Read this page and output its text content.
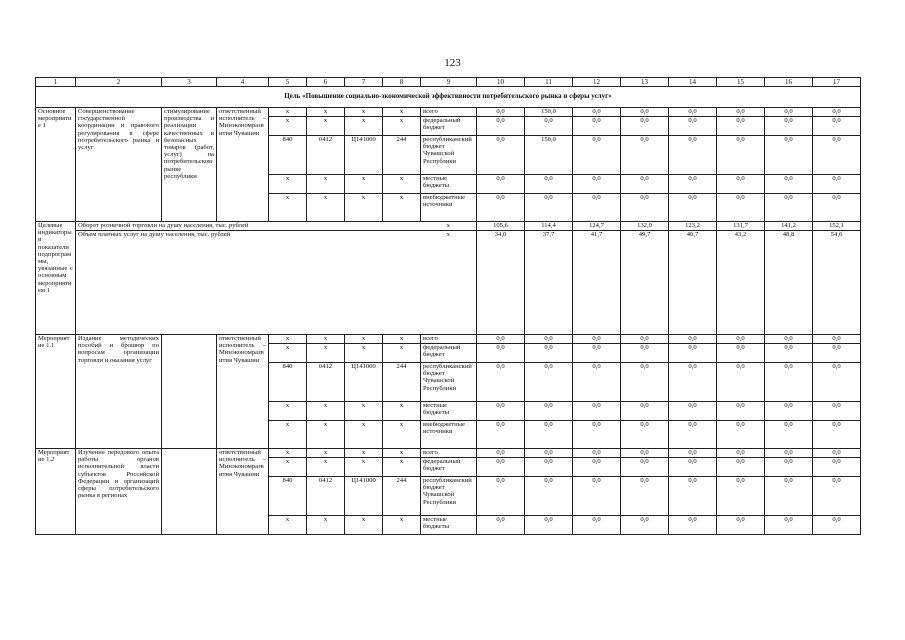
123
1	2	3	4	5	6	7	8	9	10	11	12	13	14	15	16	17
Цель «Повышение социально-экономической эффективности потребительского рынка и сферы услуг»																
Основное мероприятие 1	Совершенствование государственной координации и правового регулирования в сфере потребительского рынка и услуг	стимулирование производства и реализации качественных и безопасных товаров (работ, услуг) на потребительском рынке республики	ответственный исполнитель – Минэкономразвития Чувашии	x	x	x	x	всего	0,0	150,0	0,0	0,0	0,0	0,0	0,0	0,0
				x	x	x	x	федеральный бюджет	0,0	0,0	0,0	0,0	0,0	0,0	0,0	0,0
				840	0412	Ц141000	244	республиканский бюджет Чувашской Республики	0,0	150,0	0,0	0,0	0,0	0,0	0,0	0,0
				x	x	x	x	местные бюджеты	0,0	0,0	0,0	0,0	0,0	0,0	0,0	0,0
				x	x	x	x	внебюджетные источники	0,0	0,0	0,0	0,0	0,0	0,0	0,0	0,0
Целевые индикаторы и показатели подпрограммы, увязанные с основным мероприятием 1	Оборот розничной торговли на душу населения, тыс. рублей							x	105,6	114,4	124,7	132,0	123,2	131,7	141,2	152,1
	Объем платных услуг на душу населения, тыс. рублей							x	34,0	37,7	41,7	49,7	40,7	43,2	48,8	54,6
Мероприятие 1.1	Издание методических пособий и брошюр по вопросам организации торговли и оказания услуг		ответственный исполнитель – Минэкономразвития Чувашии	x	x	x	x	всего	0,0	0,0	0,0	0,0	0,0	0,0	0,0	0,0
				x	x	x	x	федеральный бюджет	0,0	0,0	0,0	0,0	0,0	0,0	0,0	0,0
				840	0412	Ц141000	244	республиканский бюджет Чувашской Республики	0,0	0,0	0,0	0,0	0,0	0,0	0,0	0,0
				x	x	x	x	местные бюджеты	0,0	0,0	0,0	0,0	0,0	0,0	0,0	0,0
				x	x	x	x	внебюджетные источники	0,0	0,0	0,0	0,0	0,0	0,0	0,0	0,0
Мероприятие 1.2	Изучение передового опыта работы органов исполнительной власти субъектов Российской Федерации и организаций сферы потребительского рынка в регионах		ответственный исполнитель – Минэкономразвития Чувашии	x	x	x	x	всего	0,0	0,0	0,0	0,0	0,0	0,0	0,0	0,0
				x	x	x	x	федеральный бюджет	0,0	0,0	0,0	0,0	0,0	0,0	0,0	0,0
				840	0412	Ц141000	244	республиканский бюджет Чувашской Республики	0,0	0,0	0,0	0,0	0,0	0,0	0,0	0,0
				x	x	x	x	местные бюджеты	0,0	0,0	0,0	0,0	0,0	0,0	0,0	0,0
